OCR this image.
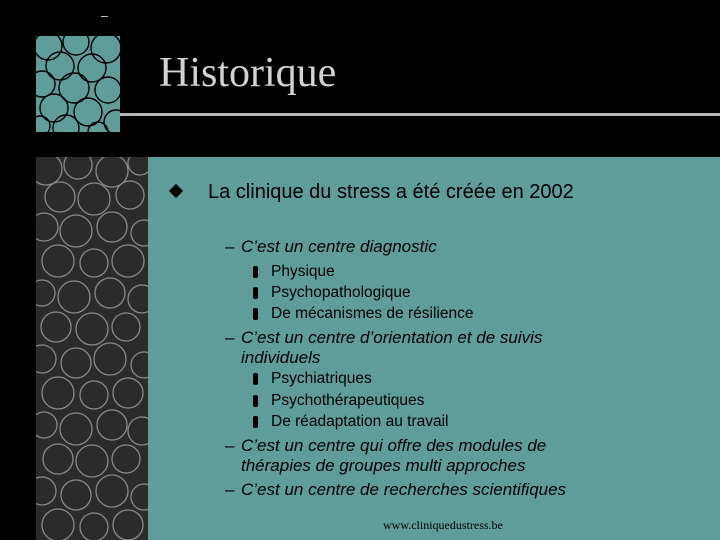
Historique
La clinique du stress a été créée en 2002
– C’est un centre diagnostic
Physique
Psychopathologique
De mécanismes de résilience
– C’est un centre d’orientation et de suivis
individuels
Psychiatriques
Psychothérapeutiques
De réadaptation au travail
– C’est un centre qui offre des modules de
thérapies de groupes multi approches
– C’est un centre de recherches scientifiques
www.cliniquedustress.be
